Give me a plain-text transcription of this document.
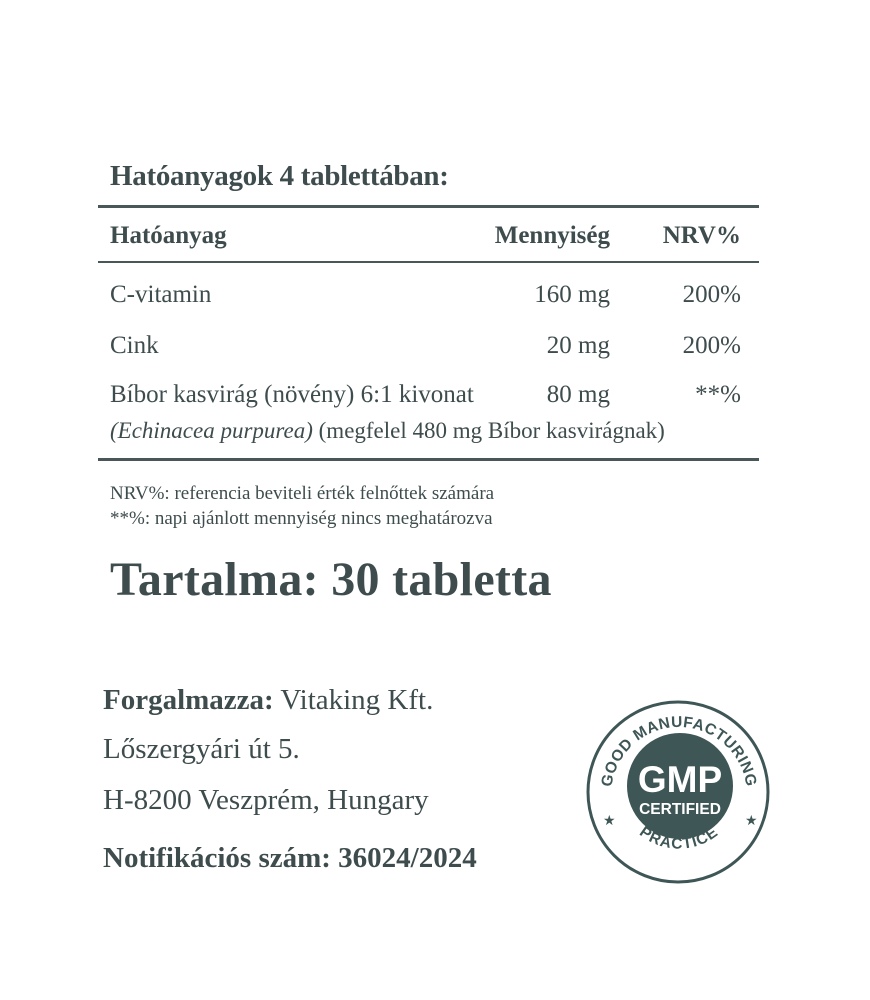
Hatóanyagok 4 tablettában:
Hatóanyag	Mennyiség	NRV%
C-vitamin	160 mg	200%
Cink	20 mg	200%
Bíbor kasvirág (növény) 6:1 kivonat	80 mg	**%
(Echinacea purpurea) (megfelel 480 mg Bíbor kasvirágnak)
NRV%: referencia beviteli érték felnőttek számára
**%: napi ajánlott mennyiség nincs meghatározva
Tartalma: 30 tabletta
Forgalmazza: Vitaking Kft.
Lőszergyári út 5.
H-8200 Veszprém, Hungary
Notifikációs szám: 36024/2024
GOOD MANUFACTURING
PRACTICE
GMP
CERTIFIED
★	★
